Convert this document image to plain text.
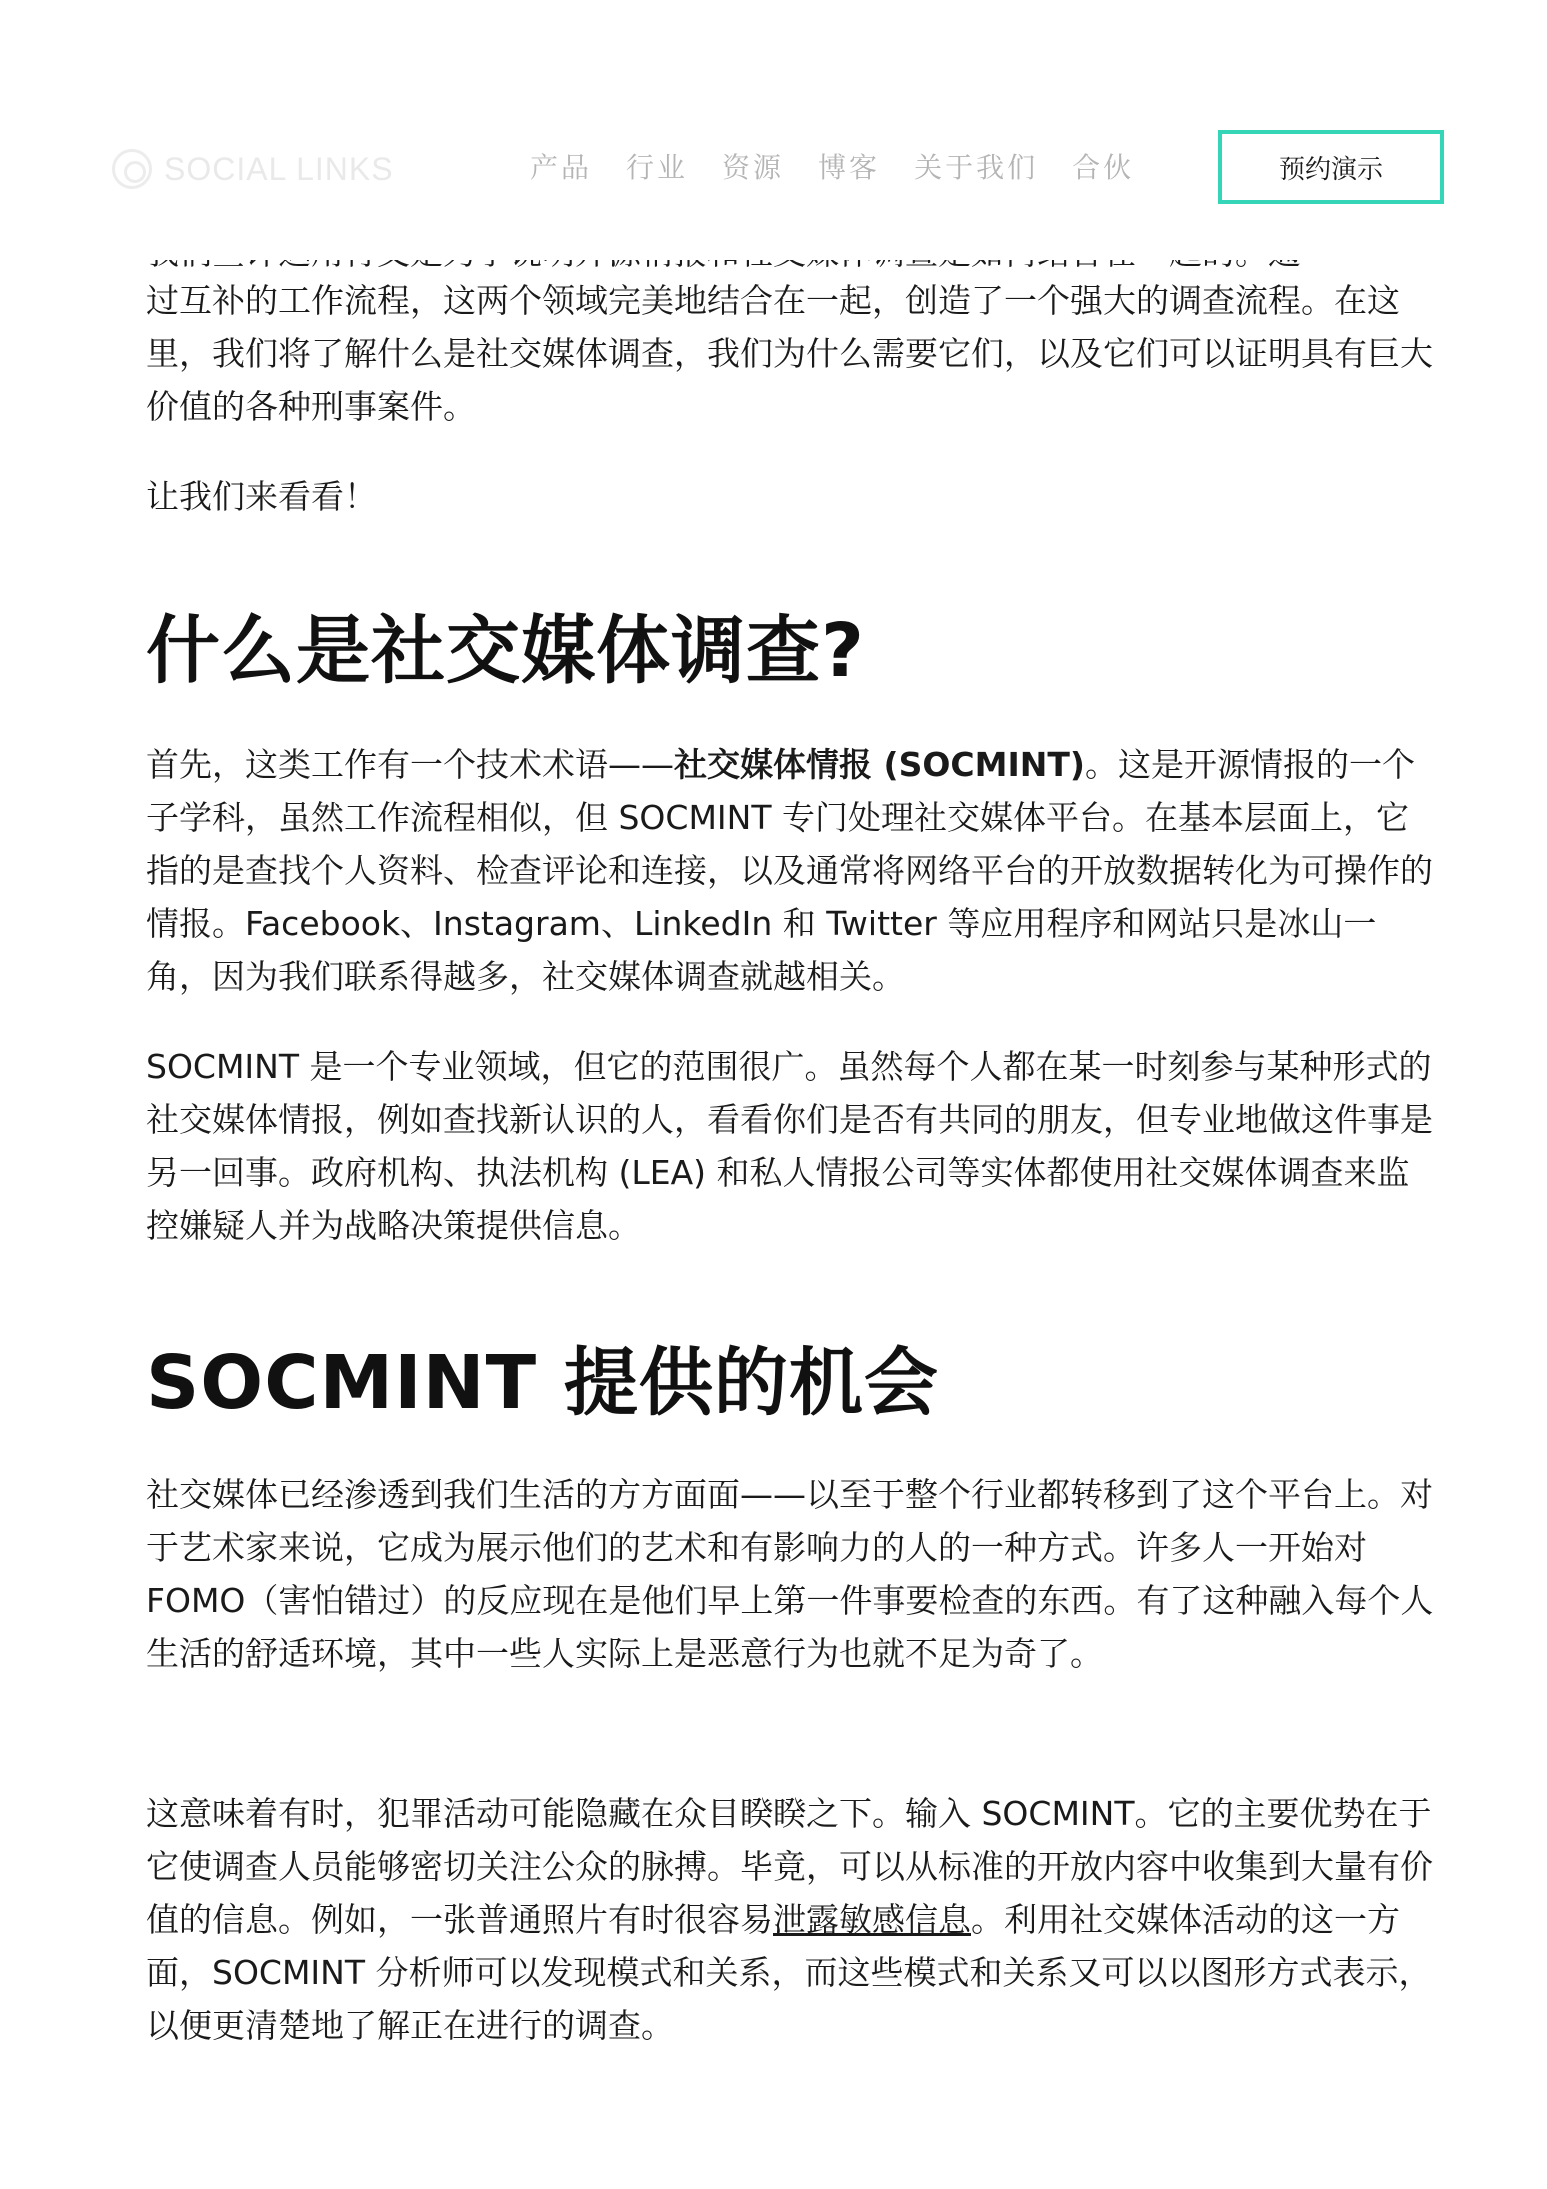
SOCIAL LINKS	产品 行业 资源 博客 关于我们 合伙	预约演示

过互补的工作流程，这两个领域完美地结合在一起，创造了一个强大的调查流程。在这里，我们将了解什么是社交媒体调查，我们为什么需要它们，以及它们可以证明具有巨大价值的各种刑事案件。

让我们来看看！

什么是社交媒体调查?

首先，这类工作有一个技术术语——社交媒体情报 (SOCMINT)。这是开源情报的一个子学科，虽然工作流程相似，但 SOCMINT 专门处理社交媒体平台。在基本层面上，它指的是查找个人资料、检查评论和连接，以及通常将网络平台的开放数据转化为可操作的情报。Facebook、Instagram、LinkedIn 和 Twitter 等应用程序和网站只是冰山一角，因为我们联系得越多，社交媒体调查就越相关。

SOCMINT 是一个专业领域，但它的范围很广。虽然每个人都在某一时刻参与某种形式的社交媒体情报，例如查找新认识的人，看看你们是否有共同的朋友，但专业地做这件事是另一回事。政府机构、执法机构 (LEA) 和私人情报公司等实体都使用社交媒体调查来监控嫌疑人并为战略决策提供信息。

SOCMINT 提供的机会

社交媒体已经渗透到我们生活的方方面面——以至于整个行业都转移到了这个平台上。对于艺术家来说，它成为展示他们的艺术和有影响力的人的一种方式。许多人一开始对 FOMO（害怕错过）的反应现在是他们早上第一件事要检查的东西。有了这种融入每个人生活的舒适环境，其中一些人实际上是恶意行为也就不足为奇了。

这意味着有时，犯罪活动可能隐藏在众目睽睽之下。输入 SOCMINT。它的主要优势在于它使调查人员能够密切关注公众的脉搏。毕竟，可以从标准的开放内容中收集到大量有价值的信息。例如，一张普通照片有时很容易泄露敏感信息。利用社交媒体活动的这一方面，SOCMINT 分析师可以发现模式和关系，而这些模式和关系又可以以图形方式表示，以便更清楚地了解正在进行的调查。
